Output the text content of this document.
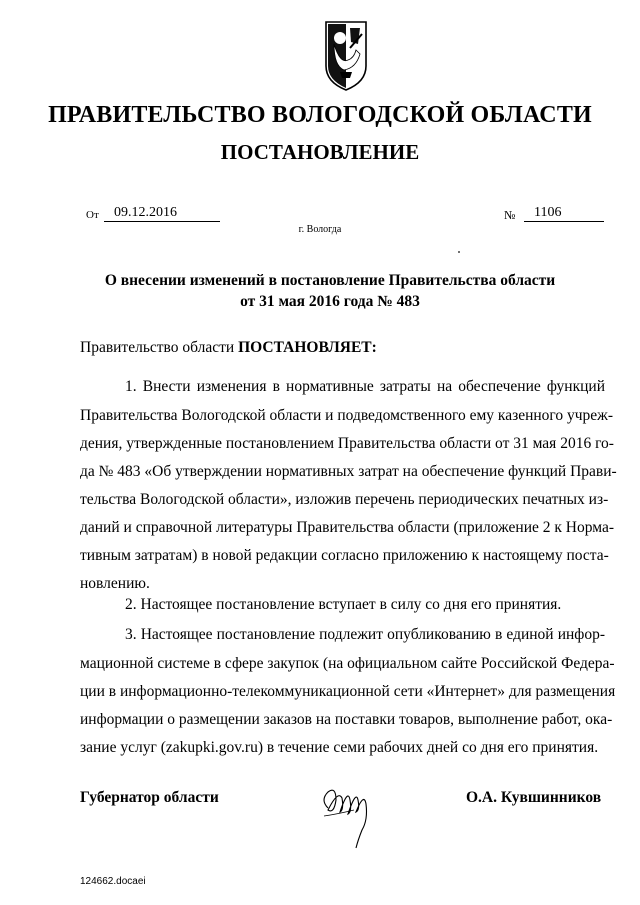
ПРАВИТЕЛЬСТВО ВОЛОГОДСКОЙ ОБЛАСТИ
ПОСТАНОВЛЕНИЕ
От	09.12.2016	№	1106
г. Вологда
О внесении изменений в постановление Правительства области
от 31 мая 2016 года № 483
Правительство области ПОСТАНОВЛЯЕТ:
1. Внести изменения в нормативные затраты на обеспечение функций
Правительства Вологодской области и подведомственного ему казенного учреж-
дения, утвержденные постановлением Правительства области от 31 мая 2016 го-
да № 483 «Об утверждении нормативных затрат на обеспечение функций Прави-
тельства Вологодской области», изложив перечень периодических печатных из-
даний и справочной литературы Правительства области (приложение 2 к Норма-
тивным затратам) в новой редакции согласно приложению к настоящему поста-
новлению.
2. Настоящее постановление вступает в силу со дня его принятия.
3. Настоящее постановление подлежит опубликованию в единой инфор-
мационной системе в сфере закупок (на официальном сайте Российской Федера-
ции в информационно-телекоммуникационной сети «Интернет» для размещения
информации о размещении заказов на поставки товаров, выполнение работ, ока-
зание услуг (zakupki.gov.ru) в течение семи рабочих дней со дня его принятия.
Губернатор области	О.А. Кувшинников
124662.docaei
